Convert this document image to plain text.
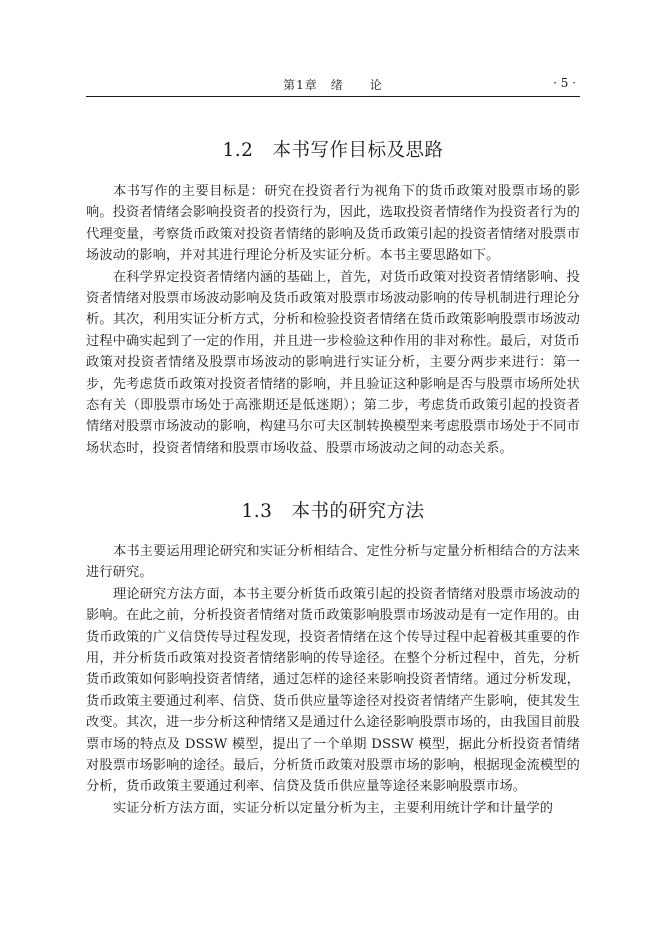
第1章　绪　　论	· 5 ·
1.2　本书写作目标及思路

本书写作的主要目标是：研究在投资者行为视角下的货币政策对股票市场的影响。投资者情绪会影响投资者的投资行为，因此，选取投资者情绪作为投资者行为的代理变量，考察货币政策对投资者情绪的影响及货币政策引起的投资者情绪对股票市场波动的影响，并对其进行理论分析及实证分析。本书主要思路如下。

在科学界定投资者情绪内涵的基础上，首先，对货币政策对投资者情绪影响、投资者情绪对股票市场波动影响及货币政策对股票市场波动影响的传导机制进行理论分析。其次，利用实证分析方式，分析和检验投资者情绪在货币政策影响股票市场波动过程中确实起到了一定的作用，并且进一步检验这种作用的非对称性。最后，对货币政策对投资者情绪及股票市场波动的影响进行实证分析，主要分两步来进行：第一步，先考虑货币政策对投资者情绪的影响，并且验证这种影响是否与股票市场所处状态有关（即股票市场处于高涨期还是低迷期）；第二步，考虑货币政策引起的投资者情绪对股票市场波动的影响，构建马尔可夫区制转换模型来考虑股票市场处于不同市场状态时，投资者情绪和股票市场收益、股票市场波动之间的动态关系。

1.3　本书的研究方法

本书主要运用理论研究和实证分析相结合、定性分析与定量分析相结合的方法来进行研究。

理论研究方法方面，本书主要分析货币政策引起的投资者情绪对股票市场波动的影响。在此之前，分析投资者情绪对货币政策影响股票市场波动是有一定作用的。由货币政策的广义信贷传导过程发现，投资者情绪在这个传导过程中起着极其重要的作用，并分析货币政策对投资者情绪影响的传导途径。在整个分析过程中，首先，分析货币政策如何影响投资者情绪，通过怎样的途径来影响投资者情绪。通过分析发现，货币政策主要通过利率、信贷、货币供应量等途径对投资者情绪产生影响，使其发生改变。其次，进一步分析这种情绪又是通过什么途径影响股票市场的，由我国目前股票市场的特点及 DSSW 模型，提出了一个单期 DSSW 模型，据此分析投资者情绪对股票市场影响的途径。最后，分析货币政策对股票市场的影响，根据现金流模型的分析，货币政策主要通过利率、信贷及货币供应量等途径来影响股票市场。

实证分析方法方面，实证分析以定量分析为主，主要利用统计学和计量学的
